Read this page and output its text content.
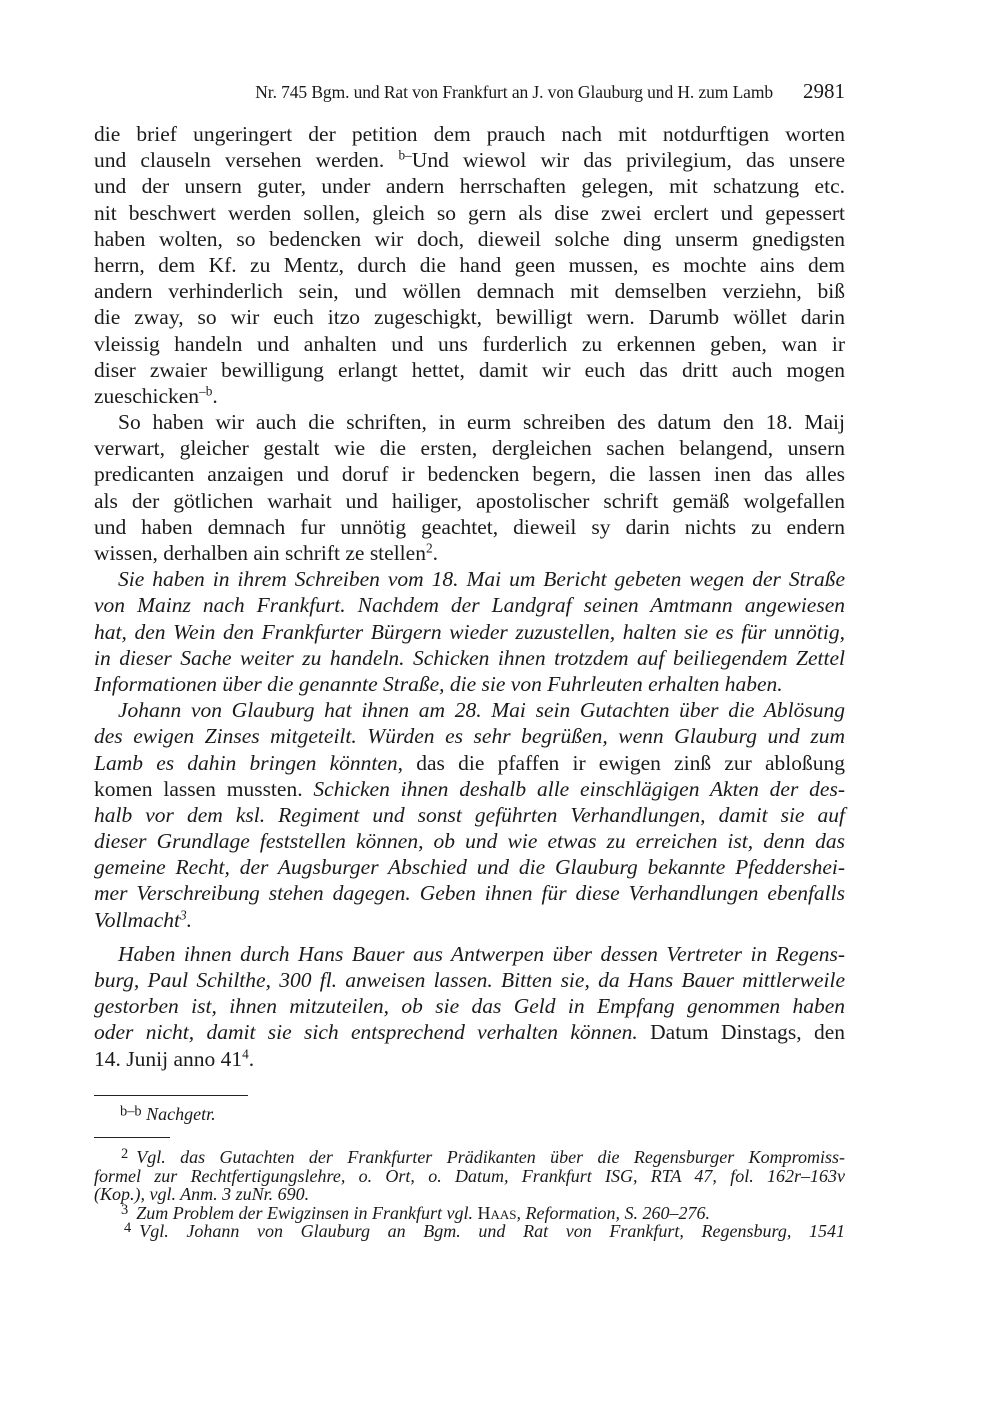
Nr. 745 Bgm. und Rat von Frankfurt an J. von Glauburg und H. zum Lamb 2981
die brief ungeringert der petition dem prauch nach mit notdurftigen worten
und clauseln versehen werden. $^{b-}$Und wiewol wir das privilegium, das unsere
und der unsern guter, under andern herrschaften gelegen, mit schatzung etc.
nit beschwert werden sollen, gleich so gern als dise zwei erclert und gepessert
haben wolten, so bedencken wir doch, dieweil solche ding unserm gnedigsten
herrn, dem Kf. zu Mentz, durch die hand geen mussen, es mochte ains dem
andern verhinderlich sein, und wöllen demnach mit demselben verziehn, biß
die zway, so wir euch itzo zugeschigkt, bewilligt wern. Darumb wöllet darin
vleissig handeln und anhalten und uns furderlich zu erkennen geben, wan ir
diser zwaier bewilligung erlangt hettet, damit wir euch das dritt auch mogen
zueschicken$^{-b}$.
So haben wir auch die schriften, in eurm schreiben des datum den 18. Maij
verwart, gleicher gestalt wie die ersten, dergleichen sachen belangend, unsern
predicanten anzaigen und doruf ir bedencken begern, die lassen inen das alles
als der götlichen warhait und hailiger, apostolischer schrift gemäß wolgefallen
und haben demnach fur unnötig geachtet, dieweil sy darin nichts zu endern
wissen, derhalben ain schrift ze stellen$^2$.
Sie haben in ihrem Schreiben vom 18. Mai um Bericht gebeten wegen der Straße
von Mainz nach Frankfurt. Nachdem der Landgraf seinen Amtmann angewiesen
hat, den Wein den Frankfurter Bürgern wieder zuzustellen, halten sie es für unnötig,
in dieser Sache weiter zu handeln. Schicken ihnen trotzdem auf beiliegendem Zettel
Informationen über die genannte Straße, die sie von Fuhrleuten erhalten haben.
Johann von Glauburg hat ihnen am 28. Mai sein Gutachten über die Ablösung
des ewigen Zinses mitgeteilt. Würden es sehr begrüßen, wenn Glauburg und zum
Lamb es dahin bringen könnten, das die pfaffen ir ewigen zinß zur ablоßung
komen lassen mussten. Schicken ihnen deshalb alle einschlägigen Akten der des-
halb vor dem ksl. Regiment und sonst geführten Verhandlungen, damit sie auf
dieser Grundlage feststellen können, ob und wie etwas zu erreichen ist, denn das
gemeine Recht, der Augsburger Abschied und die Glauburg bekannte Pfeddershei-
mer Verschreibung stehen dagegen. Geben ihnen für diese Verhandlungen ebenfalls
Vollmacht$^3$.
Haben ihnen durch Hans Bauer aus Antwerpen über dessen Vertreter in Regens-
burg, Paul Schilthe, 300 fl. anweisen lassen. Bitten sie, da Hans Bauer mittlerweile
gestorben ist, ihnen mitzuteilen, ob sie das Geld in Empfang genommen haben
oder nicht, damit sie sich entsprechend verhalten können. Datum Dinstags, den
14. Junij anno $41^4$.
$^{b-b}$ Nachgetr.
$^2$ Vgl. das Gutachten der Frankfurter Prädikanten über die Regensburger Kompromiss-
formel zur Rechtfertigungslehre, o. Ort, o. Datum, Frankfurt ISG, RTA 47, fol. 162r–163v
(Kop.), vgl. Anm. 3 zuNr. 690.
$^3$ Zum Problem der Ewigzinsen in Frankfurt vgl. Haas, Reformation, S. 260–276.
$^4$ Vgl. Johann von Glauburg an Bgm. und Rat von Frankfurt, Regensburg, 1541
